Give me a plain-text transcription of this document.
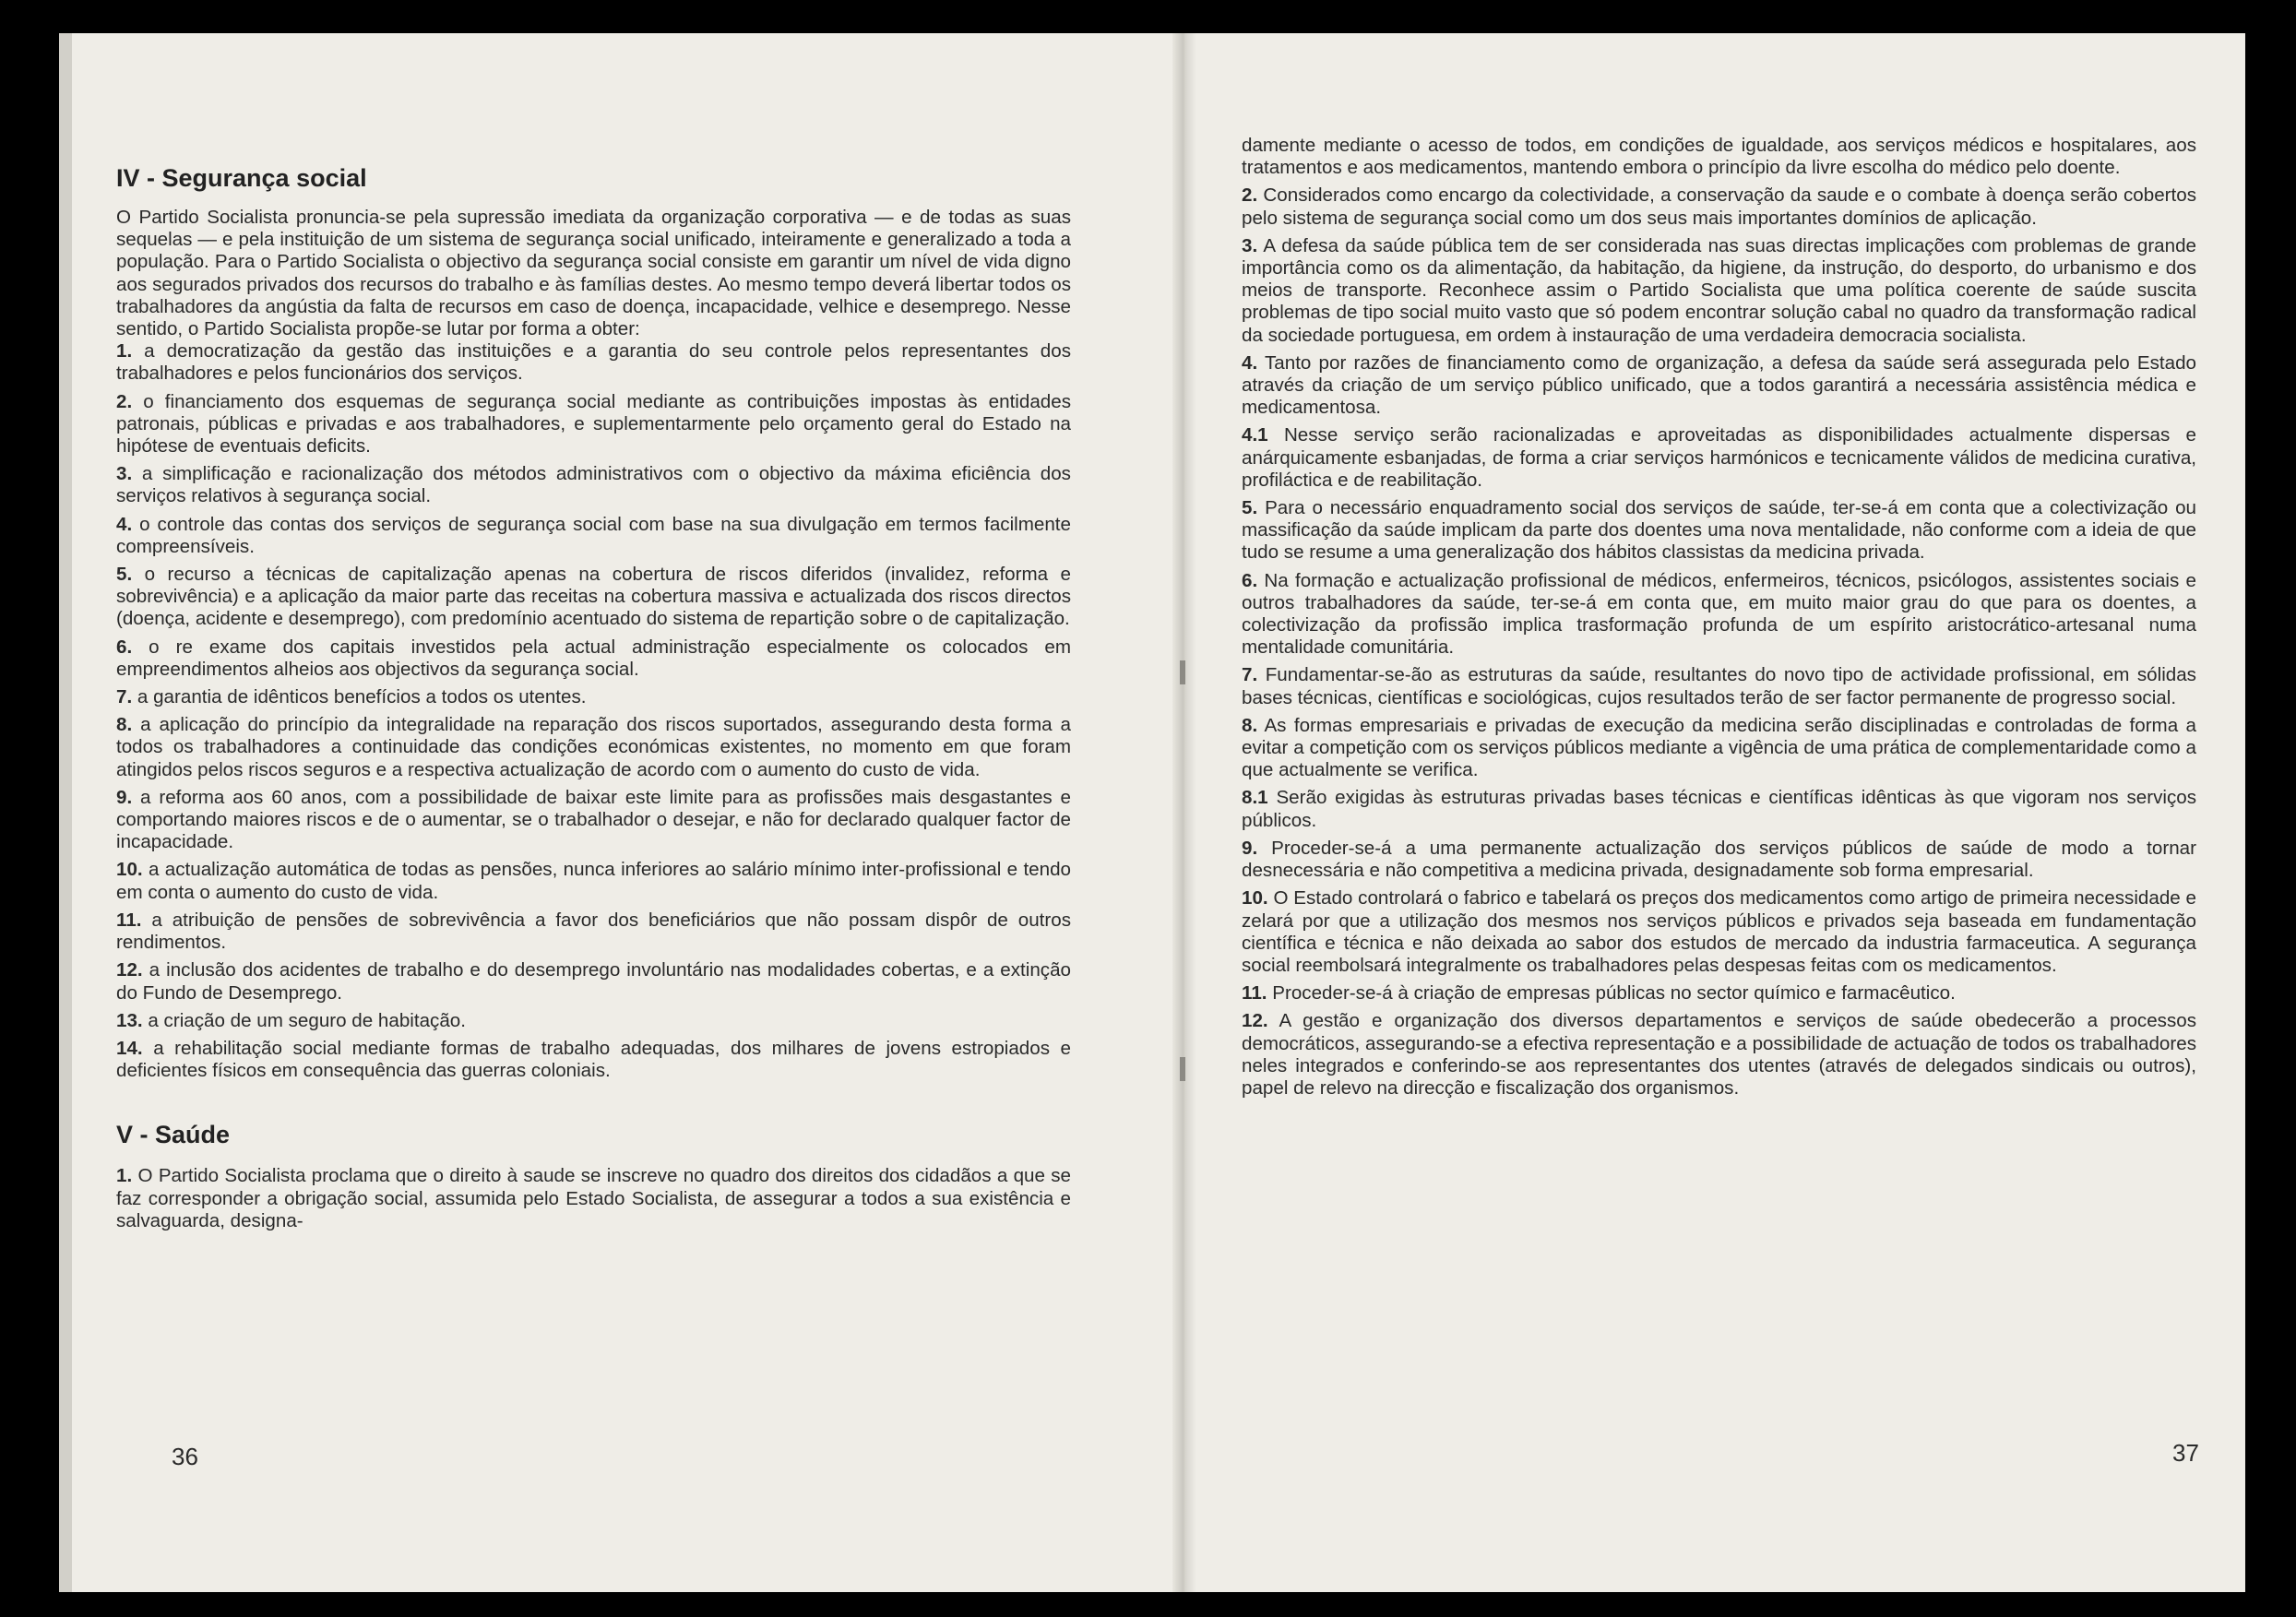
IV - Segurança social

O Partido Socialista pronuncia-se pela supressão imediata da organização corporativa — e de todas as suas sequelas — e pela instituição de um sistema de segurança social unificado, inteiramente e generalizado a toda a população. Para o Partido Socialista o objectivo da segurança social consiste em garantir um nível de vida digno aos segurados privados dos recursos do trabalho e às famílias destes. Ao mesmo tempo deverá libertar todos os trabalhadores da angústia da falta de recursos em caso de doença, incapacidade, velhice e desemprego. Nesse sentido, o Partido Socialista propõe-se lutar por forma a obter:

1. a democratização da gestão das instituições e a garantia do seu controle pelos representantes dos trabalhadores e pelos funcionários dos serviços.

2. o financiamento dos esquemas de segurança social mediante as contribuições impostas às entidades patronais, públicas e privadas e aos trabalhadores, e suplementarmente pelo orçamento geral do Estado na hipótese de eventuais deficits.

3. a simplificação e racionalização dos métodos administrativos com o objectivo da máxima eficiência dos serviços relativos à segurança social.

4. o controle das contas dos serviços de segurança social com base na sua divulgação em termos facilmente compreensíveis.

5. o recurso a técnicas de capitalização apenas na cobertura de riscos diferidos (invalidez, reforma e sobrevivência) e a aplicação da maior parte das receitas na cobertura massiva e actualizada dos riscos directos (doença, acidente e desemprego), com predomínio acentuado do sistema de repartição sobre o de capitalização.

6. o re exame dos capitais investidos pela actual administração especialmente os colocados em empreendimentos alheios aos objectivos da segurança social.

7. a garantia de idênticos benefícios a todos os utentes.

8. a aplicação do princípio da integralidade na reparação dos riscos suportados, assegurando desta forma a todos os trabalhadores a continuidade das condições económicas existentes, no momento em que foram atingidos pelos riscos seguros e a respectiva actualização de acordo com o aumento do custo de vida.

9. a reforma aos 60 anos, com a possibilidade de baixar este limite para as profissões mais desgastantes e comportando maiores riscos e de o aumentar, se o trabalhador o desejar, e não for declarado qualquer factor de incapacidade.

10. a actualização automática de todas as pensões, nunca inferiores ao salário mínimo inter-profissional e tendo em conta o aumento do custo de vida.

11. a atribuição de pensões de sobrevivência a favor dos beneficiários que não possam dispôr de outros rendimentos.

12. a inclusão dos acidentes de trabalho e do desemprego involuntário nas modalidades cobertas, e a extinção do Fundo de Desemprego.

13. a criação de um seguro de habitação.

14. a rehabilitação social mediante formas de trabalho adequadas, dos milhares de jovens estropiados e deficientes físicos em consequência das guerras coloniais.

V - Saúde

1. O Partido Socialista proclama que o direito à saude se inscreve no quadro dos direitos dos cidadãos a que se faz corresponder a obrigação social, assumida pelo Estado Socialista, de assegurar a todos a sua existência e salvaguarda, designa-

36

damente mediante o acesso de todos, em condições de igualdade, aos serviços médicos e hospitalares, aos tratamentos e aos medicamentos, mantendo embora o princípio da livre escolha do médico pelo doente.

2. Considerados como encargo da colectividade, a conservação da saude e o combate à doença serão cobertos pelo sistema de segurança social como um dos seus mais importantes domínios de aplicação.

3. A defesa da saúde pública tem de ser considerada nas suas directas implicações com problemas de grande importância como os da alimentação, da habitação, da higiene, da instrução, do desporto, do urbanismo e dos meios de transporte. Reconhece assim o Partido Socialista que uma política coerente de saúde suscita problemas de tipo social muito vasto que só podem encontrar solução cabal no quadro da transformação radical da sociedade portuguesa, em ordem à instauração de uma verdadeira democracia socialista.

4. Tanto por razões de financiamento como de organização, a defesa da saúde será assegurada pelo Estado através da criação de um serviço público unificado, que a todos garantirá a necessária assistência médica e medicamentosa.

4.1 Nesse serviço serão racionalizadas e aproveitadas as disponibilidades actualmente dispersas e anárquicamente esbanjadas, de forma a criar serviços harmónicos e tecnicamente válidos de medicina curativa, profiláctica e de reabilitação.

5. Para o necessário enquadramento social dos serviços de saúde, ter-se-á em conta que a colectivização ou massificação da saúde implicam da parte dos doentes uma nova mentalidade, não conforme com a ideia de que tudo se resume a uma generalização dos hábitos classistas da medicina privada.

6. Na formação e actualização profissional de médicos, enfermeiros, técnicos, psicólogos, assistentes sociais e outros trabalhadores da saúde, ter-se-á em conta que, em muito maior grau do que para os doentes, a colectivização da profissão implica trasformação profunda de um espírito aristocrático-artesanal numa mentalidade comunitária.

7. Fundamentar-se-ão as estruturas da saúde, resultantes do novo tipo de actividade profissional, em sólidas bases técnicas, científicas e sociológicas, cujos resultados terão de ser factor permanente de progresso social.

8. As formas empresariais e privadas de execução da medicina serão disciplinadas e controladas de forma a evitar a competição com os serviços públicos mediante a vigência de uma prática de complementaridade como a que actualmente se verifica.

8.1 Serão exigidas às estruturas privadas bases técnicas e científicas idênticas às que vigoram nos serviços públicos.

9. Proceder-se-á a uma permanente actualização dos serviços públicos de saúde de modo a tornar desnecessária e não competitiva a medicina privada, designadamente sob forma empresarial.

10. O Estado controlará o fabrico e tabelará os preços dos medicamentos como artigo de primeira necessidade e zelará por que a utilização dos mesmos nos serviços públicos e privados seja baseada em fundamentação científica e técnica e não deixada ao sabor dos estudos de mercado da industria farmaceutica. A segurança social reembolsará integralmente os trabalhadores pelas despesas feitas com os medicamentos.

11. Proceder-se-á à criação de empresas públicas no sector químico e farmacêutico.

12. A gestão e organização dos diversos departamentos e serviços de saúde obedecerão a processos democráticos, assegurando-se a efectiva representação e a possibilidade de actuação de todos os trabalhadores neles integrados e conferindo-se aos representantes dos utentes (através de delegados sindicais ou outros), papel de relevo na direcção e fiscalização dos organismos.

37
